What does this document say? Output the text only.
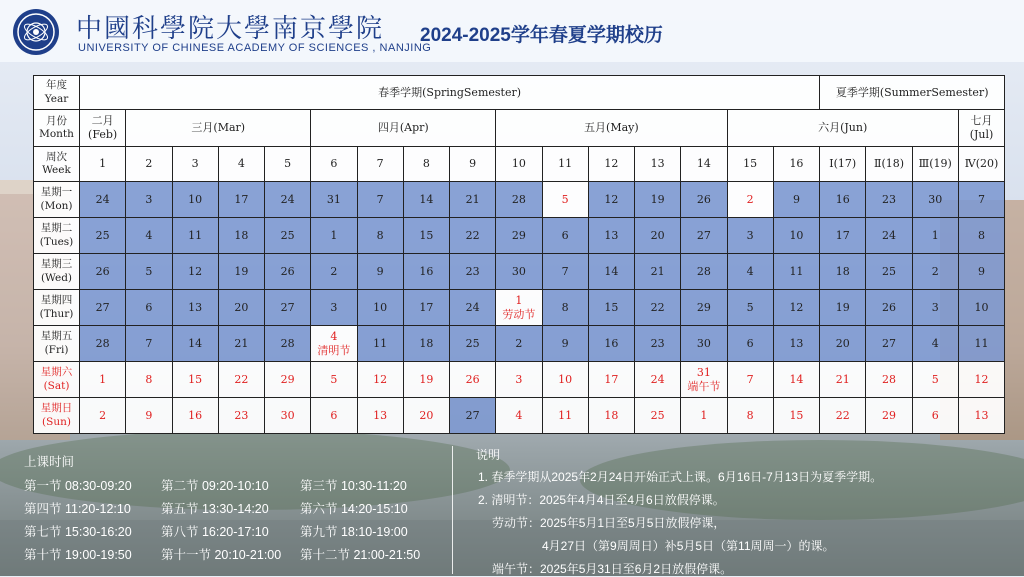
中國科學院大學南京學院
UNIVERSITY OF CHINESE ACADEMY OF SCIENCES , NANJING
2024-2025学年春夏学期校历
年度
Year	春季学期(SpringSemester)																夏季学期(SummerSemester)			
月份
Month	二月
(Feb)	三月(Mar)				四月(Apr)				五月(May)					六月(Jun)					七月(Jul)
周次
Week	1	2	3	4	5	6	7	8	9	10	11	12	13	14	15	16	Ⅰ(17)	Ⅱ(18)	Ⅲ(19)	Ⅳ(20)
星期一
(Mon)	24	3	10	17	24	31	7	14	21	28	5	12	19	26	2	9	16	23	30	7
星期二
(Tues)	25	4	11	18	25	1	8	15	22	29	6	13	20	27	3	10	17	24	1	8
星期三
(Wed)	26	5	12	19	26	2	9	16	23	30	7	14	21	28	4	11	18	25	2	9
星期四
(Thur)	27	6	13	20	27	3	10	17	24	1
劳动节	8	15	22	29	5	12	19	26	3	10
星期五
(Fri)	28	7	14	21	28	4
清明节	11	18	25	2	9	16	23	30	6	13	20	27	4	11
星期六
(Sat)	1	8	15	22	29	5	12	19	26	3	10	17	24	31
端午节	7	14	21	28	5	12
星期日
(Sun)	2	9	16	23	30	6	13	20	27	4	11	18	25	1	8	15	22	29	6	13
上课时间
第一节 08:30-09:20 第二节 09:20-10:10	第三节 10:30-11:20
第四节 11:20-12:10 第五节 13:30-14:20	第六节 14:20-15:10
第七节 15:30-16:20 第八节 16:20-17:10	第九节 18:10-19:00
第十节 19:00-19:50 第十一节 20:10-21:00 第十二节 21:00-21:50
说明
1. 春季学期从2025年2月24日开始正式上课。6月16日-7月13日为夏季学期。
2. 清明节：2025年4月4日至4月6日放假停课。
劳动节：2025年5月1日至5月5日放假停课，
4月27日（第9周周日）补5月5日（第11周周一）的课。
端午节：2025年5月31日至6月2日放假停课。
